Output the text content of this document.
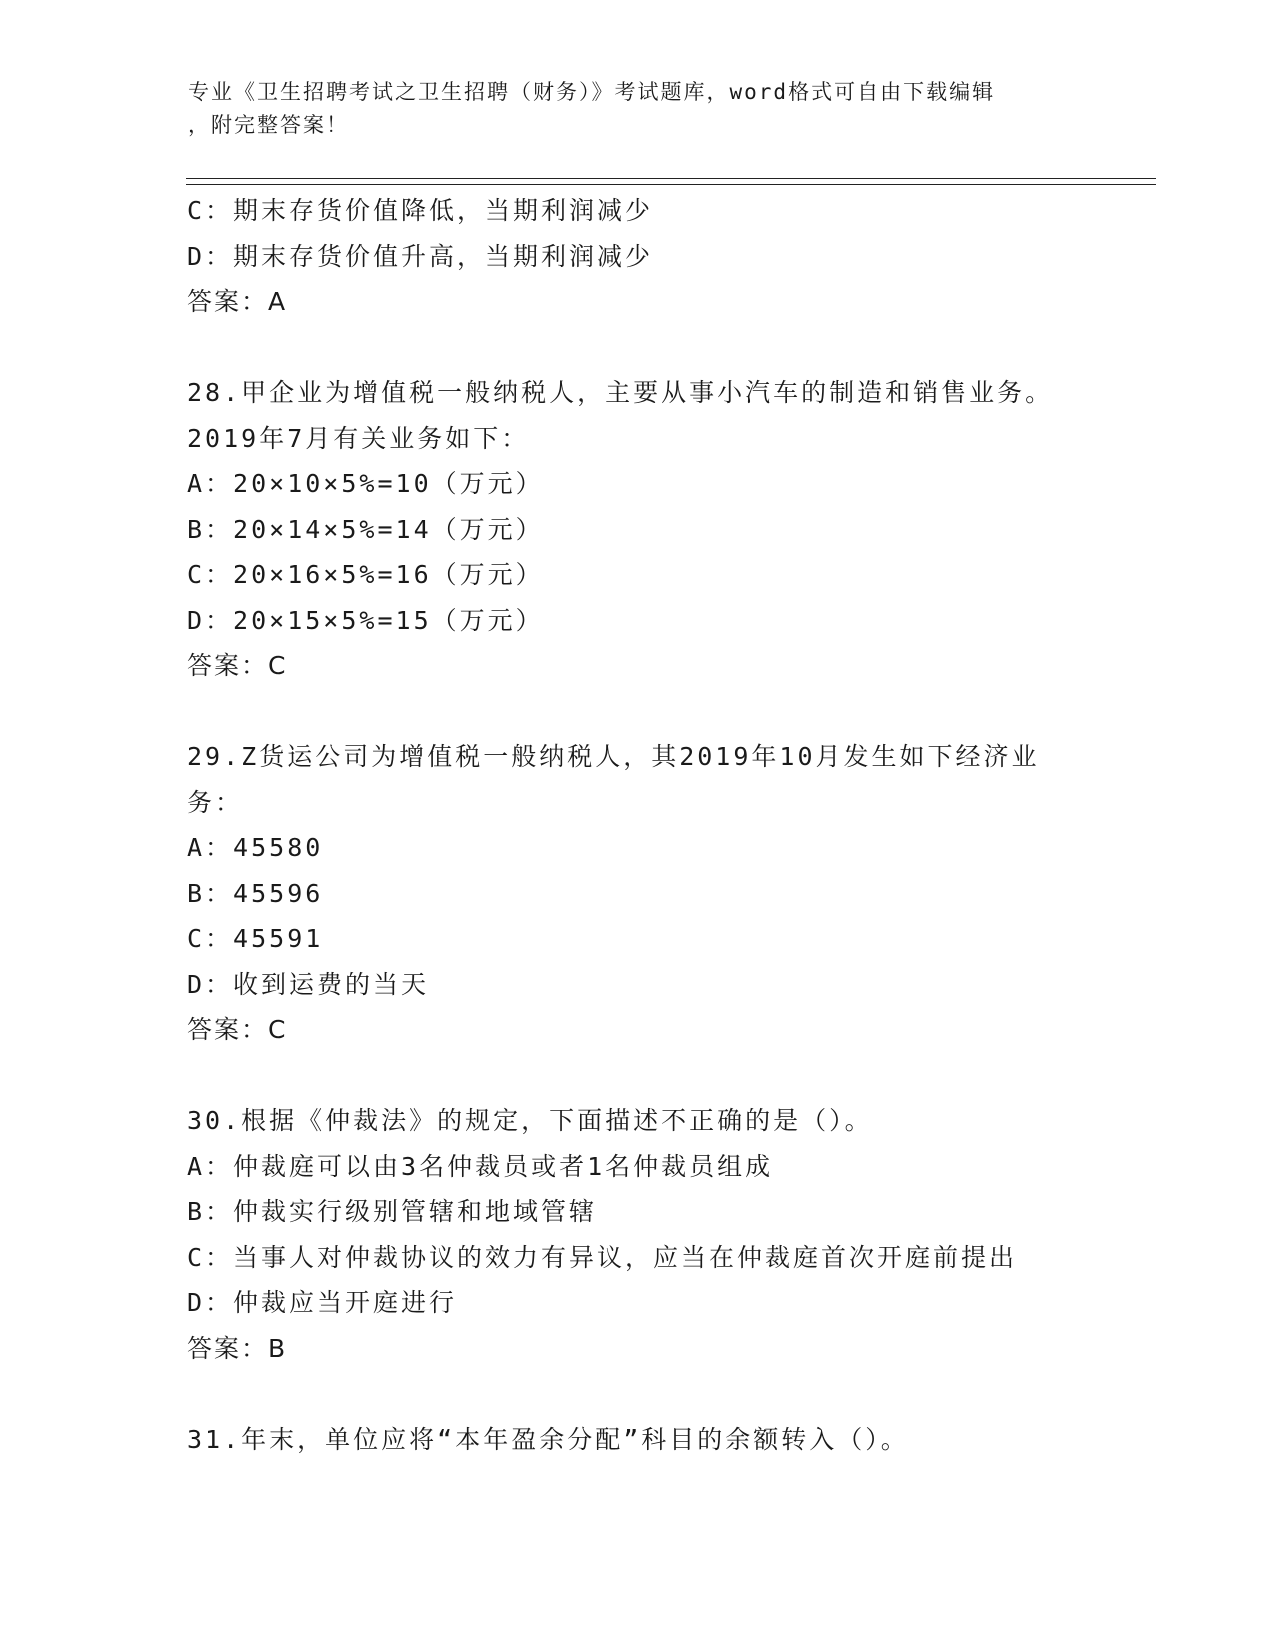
专业《卫生招聘考试之卫生招聘（财务）》考试题库，word格式可自由下载编辑
，附完整答案！
C：期末存货价值降低，当期利润减少
D：期末存货价值升高，当期利润减少
答案：A
28.甲企业为增值税一般纳税人，主要从事小汽车的制造和销售业务。
2019年7月有关业务如下：
A：20×10×5%=10（万元）
B：20×14×5%=14（万元）
C：20×16×5%=16（万元）
D：20×15×5%=15（万元）
答案：C
29.Z货运公司为增值税一般纳税人，其2019年10月发生如下经济业
务：
A：45580
B：45596
C：45591
D：收到运费的当天
答案：C
30.根据《仲裁法》的规定，下面描述不正确的是（）。
A：仲裁庭可以由3名仲裁员或者1名仲裁员组成
B：仲裁实行级别管辖和地域管辖
C：当事人对仲裁协议的效力有异议，应当在仲裁庭首次开庭前提出
D：仲裁应当开庭进行
答案：B
31.年末，单位应将“本年盈余分配”科目的余额转入（）。
